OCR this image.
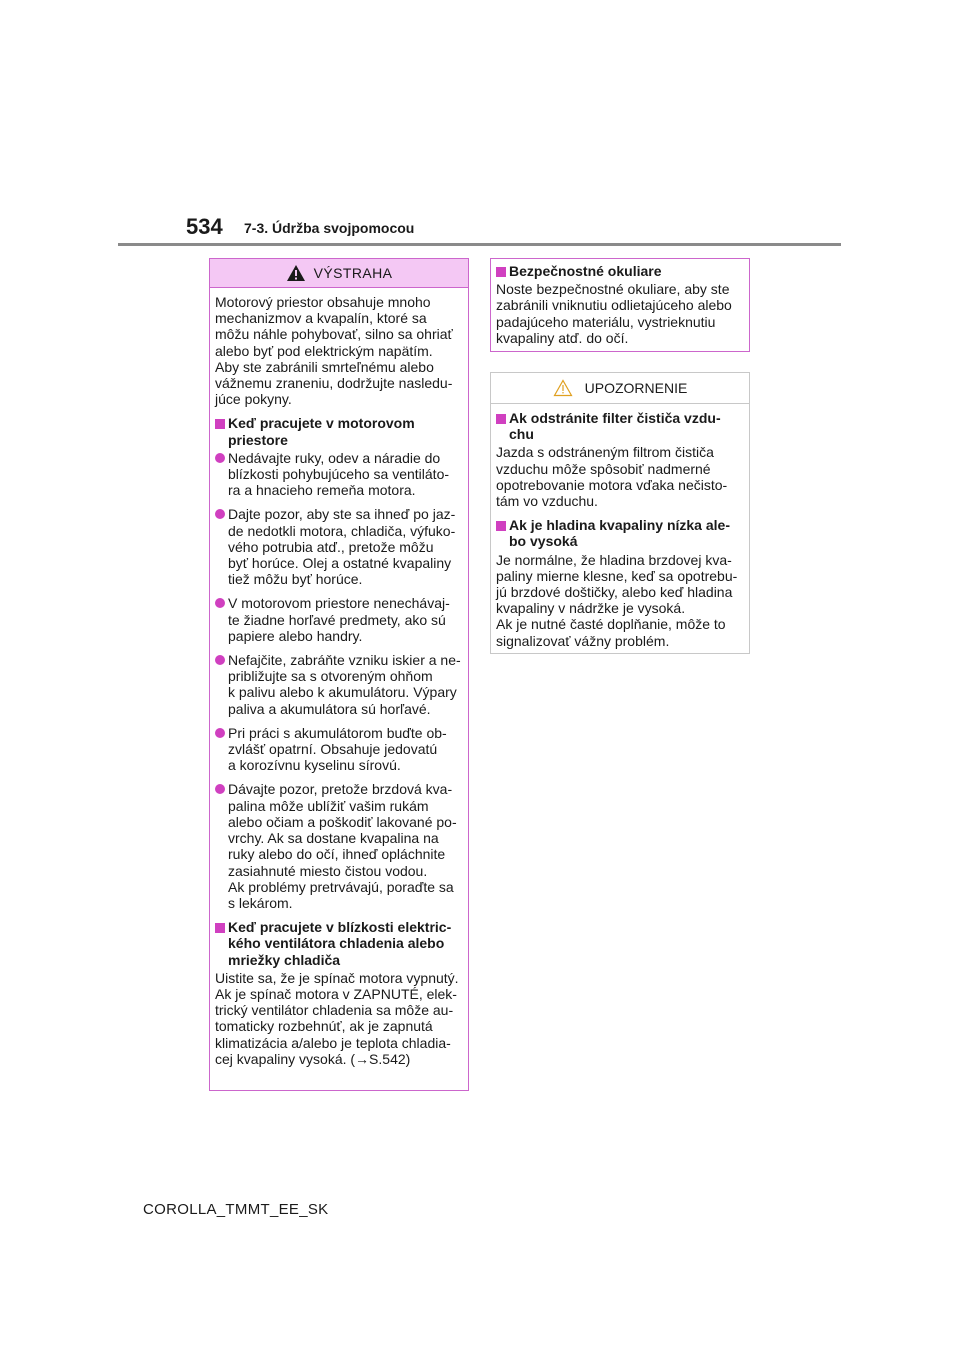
534 7-3. Údržba svojpomocou
VÝSTRAHA
Motorový priestor obsahuje mnoho
mechanizmov a kvapalín, ktoré sa
môžu náhle pohybovať, silno sa ohriať
alebo byť pod elektrickým napätím.
Aby ste zabránili smrteľnému alebo
vážnemu zraneniu, dodržujte nasledu-
júce pokyny.
Keď pracujete v motorovom
priestore
Nedávajte ruky, odev a náradie do
blízkosti pohybujúceho sa ventiláto-
ra a hnacieho remeňa motora.
Dajte pozor, aby ste sa ihneď po jaz-
de nedotkli motora, chladiča, výfuko-
vého potrubia atď., pretože môžu
byť horúce. Olej a ostatné kvapaliny
tiež môžu byť horúce.
V motorovom priestore nenechávaj-
te žiadne horľavé predmety, ako sú
papiere alebo handry.
Nefajčite, zabráňte vzniku iskier a ne-
približujte sa s otvoreným ohňom
k palivu alebo k akumulátoru. Výpary
paliva a akumulátora sú horľavé.
Pri práci s akumulátorom buďte ob-
zvlášť opatrní. Obsahuje jedovatú
a korozívnu kyselinu sírovú.
Dávajte pozor, pretože brzdová kva-
palina môže ublížiť vašim rukám
alebo očiam a poškodiť lakované po-
vrchy. Ak sa dostane kvapalina na
ruky alebo do očí, ihneď opláchnite
zasiahnuté miesto čistou vodou.
Ak problémy pretrvávajú, poraďte sa
s lekárom.
Keď pracujete v blízkosti elektric-
kého ventilátora chladenia alebo
mriežky chladiča
Uistite sa, že je spínač motora vypnutý.
Ak je spínač motora v ZAPNUTÉ, elek-
trický ventilátor chladenia sa môže au-
tomaticky rozbehnúť, ak je zapnutá
klimatizácia a/alebo je teplota chladia-
cej kvapaliny vysoká. (→S.542)
Bezpečnostné okuliare
Noste bezpečnostné okuliare, aby ste
zabránili vniknutiu odlietajúceho alebo
padajúceho materiálu, vystrieknutiu
kvapaliny atď. do očí.
UPOZORNENIE
Ak odstránite filter čističa vzdu-
chu
Jazda s odstráneným filtrom čističa
vzduchu môže spôsobiť nadmerné
opotrebovanie motora vďaka nečisto-
tám vo vzduchu.
Ak je hladina kvapaliny nízka ale-
bo vysoká
Je normálne, že hladina brzdovej kva-
paliny mierne klesne, keď sa opotrebu-
jú brzdové doštičky, alebo keď hladina
kvapaliny v nádržke je vysoká.
Ak je nutné časté doplňanie, môže to
signalizovať vážny problém.
COROLLA_TMMT_EE_SK
